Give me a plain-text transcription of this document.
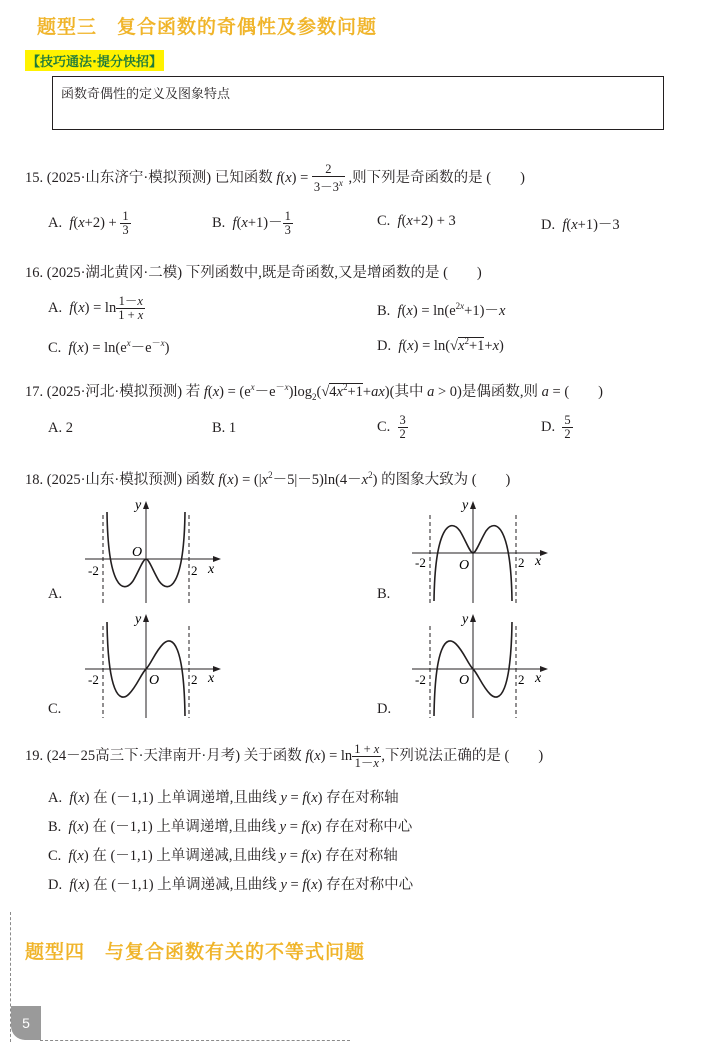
题型三　复合函数的奇偶性及参数问题
【技巧通法·提分快招】
函数奇偶性的定义及图象特点
15. (2025·山东济宁·模拟预测) 已知函数 $f(x) = \frac{2}{3-3^x}$ ,则下列是奇函数的是 (　　)
A. $f(x+2) + \frac{1}{3}$	B. $f(x+1)- \frac{1}{3}$	C. f(x+2) + 3	D. f(x+1)－3
16. (2025·湖北黄冈·二模) 下列函数中,既是奇函数,又是增函数的是 (　　)
A. $f(x) = \ln \frac{1-x}{1 + x}$	B. $f(x) = \ln(e^{2x}+1)-x$
C. $f(x) = \ln(e^x-e^{-x})$	D. $f(x) = \ln(√x^2+1+x)$
17. (2025·河北·模拟预测) 若 $f(x) = (e^x-e^{-x})\log_2(√4x^2+1+ax)$(其中 a > 0)是偶函数,则 a = (　　)
A. 2	B. 1	C. $\frac{3}{2}$	D. $\frac{5}{2}$
18. (2025·山东·模拟预测) 函数 $f(x) = (|x^2-5|-5)\ln(4-x^2)$ 的图象大致为 (　　)
A.	B.
C.	D.
y
O
-2	2 x
y
O
-2	2 x
y
O
-2	2 x
y
O
-2	2 x
19. (24－25高三下·天津南开·月考) 关于函数 $f(x) = \ln \frac{1 + x}{1-x}$ ,下列说法正确的是 (　　)
A. f(x) 在 (－1,1) 上单调递增,且曲线 y = f(x) 存在对称轴
B. f(x) 在 (－1,1) 上单调递增,且曲线 y = f(x) 存在对称中心
C. f(x) 在 (－1,1) 上单调递减,且曲线 y = f(x) 存在对称轴
D. f(x) 在 (－1,1) 上单调递减,且曲线 y = f(x) 存在对称中心
题型四　与复合函数有关的不等式问题
5
